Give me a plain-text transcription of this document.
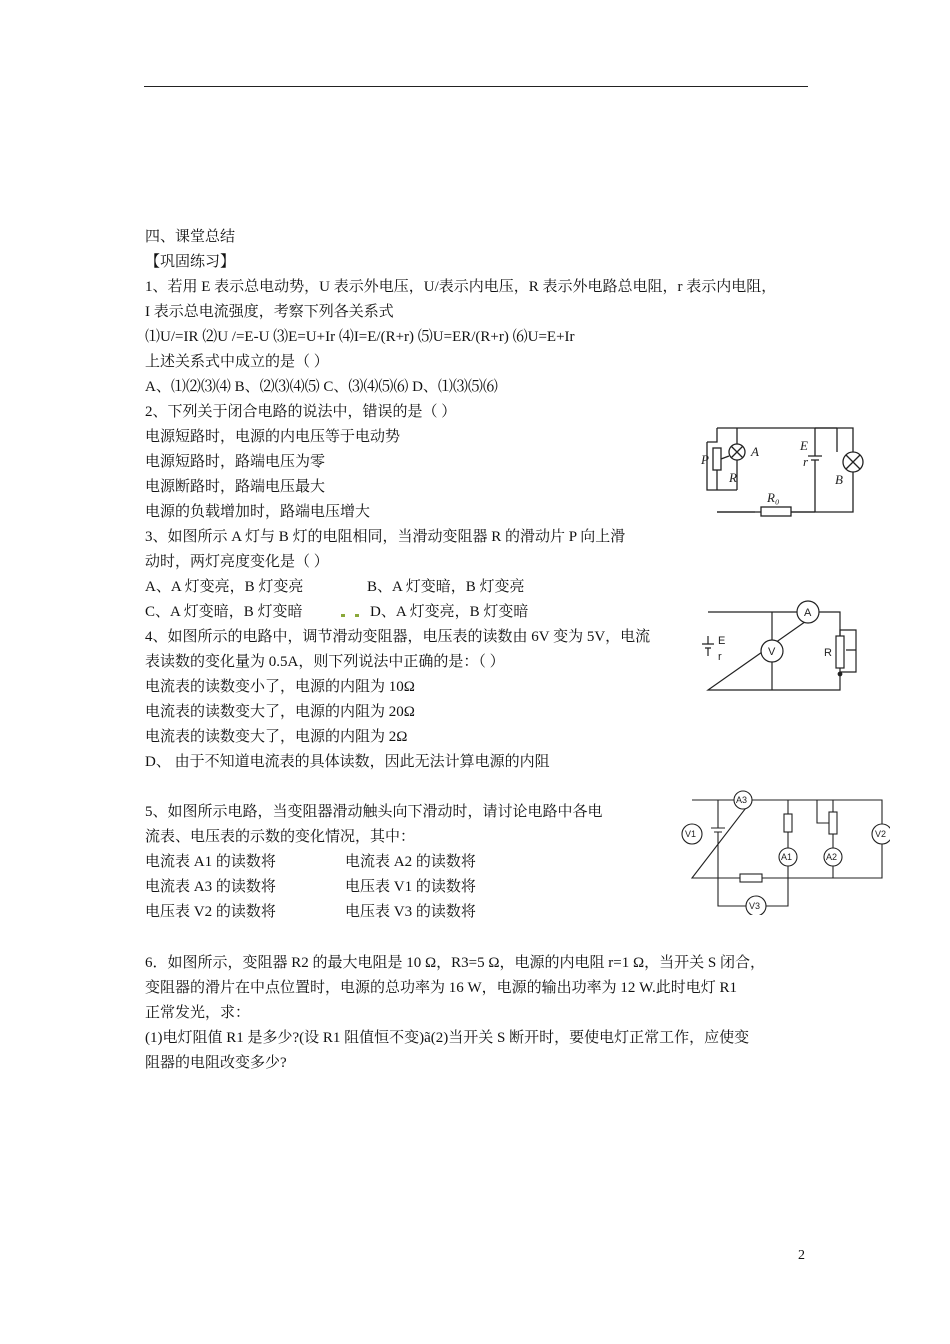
四、课堂总结
【巩固练习】
1、若用 E 表示总电动势，U 表示外电压，U/表示内电压，R 表示外电路总电阻，r 表示内电阻，
I 表示总电流强度，考察下列各关系式
⑴U/=IR ⑵U /=E-U ⑶E=U+Ir ⑷I=E/(R+r) ⑸U=ER/(R+r) ⑹U=E+Ir
上述关系式中成立的是（ ）
A、⑴⑵⑶⑷ B、⑵⑶⑷⑸ C、⑶⑷⑸⑹ D、⑴⑶⑸⑹
2、下列关于闭合电路的说法中，错误的是（ ）
电源短路时，电源的内电压等于电动势
电源短路时，路端电压为零
电源断路时，路端电压最大
电源的负载增加时，路端电压增大
3、如图所示 A 灯与 B 灯的电阻相同，当滑动变阻器 R 的滑动片 P 向上滑
动时，两灯亮度变化是（ ）
A、A 灯变亮，B 灯变亮	B、A 灯变暗，B 灯变亮
C、A 灯变暗，B 灯变暗	D、A 灯变亮，B 灯变暗
4、如图所示的电路中，调节滑动变阻器，电压表的读数由 6V 变为 5V，电流
表读数的变化量为 0.5A，则下列说法中正确的是：（ ）
电流表的读数变小了，电源的内阻为 10Ω
电流表的读数变大了，电源的内阻为 20Ω
电流表的读数变大了，电源的内阻为 2Ω
D、 由于不知道电流表的具体读数，因此无法计算电源的内阻
5、如图所示电路，当变阻器滑动触头向下滑动时，请讨论电路中各电
流表、电压表的示数的变化情况，其中：
电流表 A1 的读数将	电流表 A2 的读数将
电流表 A3 的读数将	电压表 V1 的读数将
电压表 V2 的读数将	电压表 V3 的读数将
6．如图所示，变阻器 R2 的最大电阻是 10 Ω，R3=5 Ω，电源的内电阻 r=1 Ω，当开关 S 闭合，
变阻器的滑片在中点位置时，电源的总功率为 16 W，电源的输出功率为 12 W.此时电灯 R1
正常发光，求：
(1)电灯阻值 R1 是多少?(设 R1 阻值恒不变)ã(2)当开关 S 断开时，要使电灯正常工作，应使变
阻器的电阻改变多少?
P
R
A	E
r
B
R₀
A
V
E
r	R
A3
V1
A1	A2
V2
V3
2
